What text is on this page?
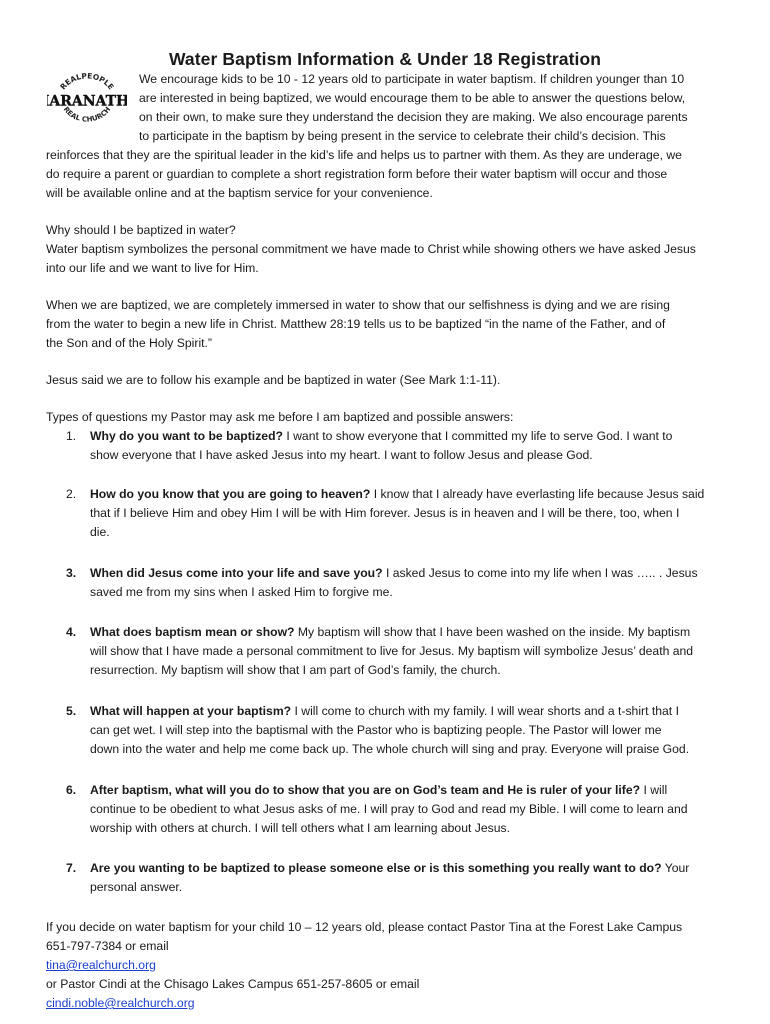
Water Baptism Information & Under 18 Registration
REALPEOPLE
ARANATH
REAL CHURCH
We encourage kids to be 10 - 12 years old to participate in water baptism. If children younger than 10
are interested in being baptized, we would encourage them to be able to answer the questions below,
on their own, to make sure they understand the decision they are making. We also encourage parents
to participate in the baptism by being present in the service to celebrate their child’s decision. This
reinforces that they are the spiritual leader in the kid’s life and helps us to partner with them. As they are underage, we
do require a parent or guardian to complete a short registration form before their water baptism will occur and those
will be available online and at the baptism service for your convenience.
Why should I be baptized in water?
Water baptism symbolizes the personal commitment we have made to Christ while showing others we have asked Jesus
into our life and we want to live for Him.
When we are baptized, we are completely immersed in water to show that our selfishness is dying and we are rising
from the water to begin a new life in Christ. Matthew 28:19 tells us to be baptized “in the name of the Father, and of
the Son and of the Holy Spirit.”
Jesus said we are to follow his example and be baptized in water (See Mark 1:1-11).
Types of questions my Pastor may ask me before I am baptized and possible answers:
1. Why do you want to be baptized? I want to show everyone that I committed my life to serve God. I want to
show everyone that I have asked Jesus into my heart. I want to follow Jesus and please God.
2. How do you know that you are going to heaven? I know that I already have everlasting life because Jesus said
that if I believe Him and obey Him I will be with Him forever. Jesus is in heaven and I will be there, too, when I
die.
3. When did Jesus come into your life and save you? I asked Jesus to come into my life when I was ….. . Jesus
saved me from my sins when I asked Him to forgive me.
4. What does baptism mean or show? My baptism will show that I have been washed on the inside. My baptism
will show that I have made a personal commitment to live for Jesus. My baptism will symbolize Jesus’ death and
resurrection. My baptism will show that I am part of God’s family, the church.
5. What will happen at your baptism? I will come to church with my family. I will wear shorts and a t-shirt that I
can get wet. I will step into the baptismal with the Pastor who is baptizing people. The Pastor will lower me
down into the water and help me come back up. The whole church will sing and pray. Everyone will praise God.
6. After baptism, what will you do to show that you are on God’s team and He is ruler of your life? I will
continue to be obedient to what Jesus asks of me. I will pray to God and read my Bible. I will come to learn and
worship with others at church. I will tell others what I am learning about Jesus.
7. Are you wanting to be baptized to please someone else or is this something you really want to do? Your
personal answer.
If you decide on water baptism for your child 10 – 12 years old, please contact Pastor Tina at the Forest Lake Campus
651-797-7384 or email
tina@realchurch.org
or Pastor Cindi at the Chisago Lakes Campus 651-257-8605 or email
cindi.noble@realchurch.org
